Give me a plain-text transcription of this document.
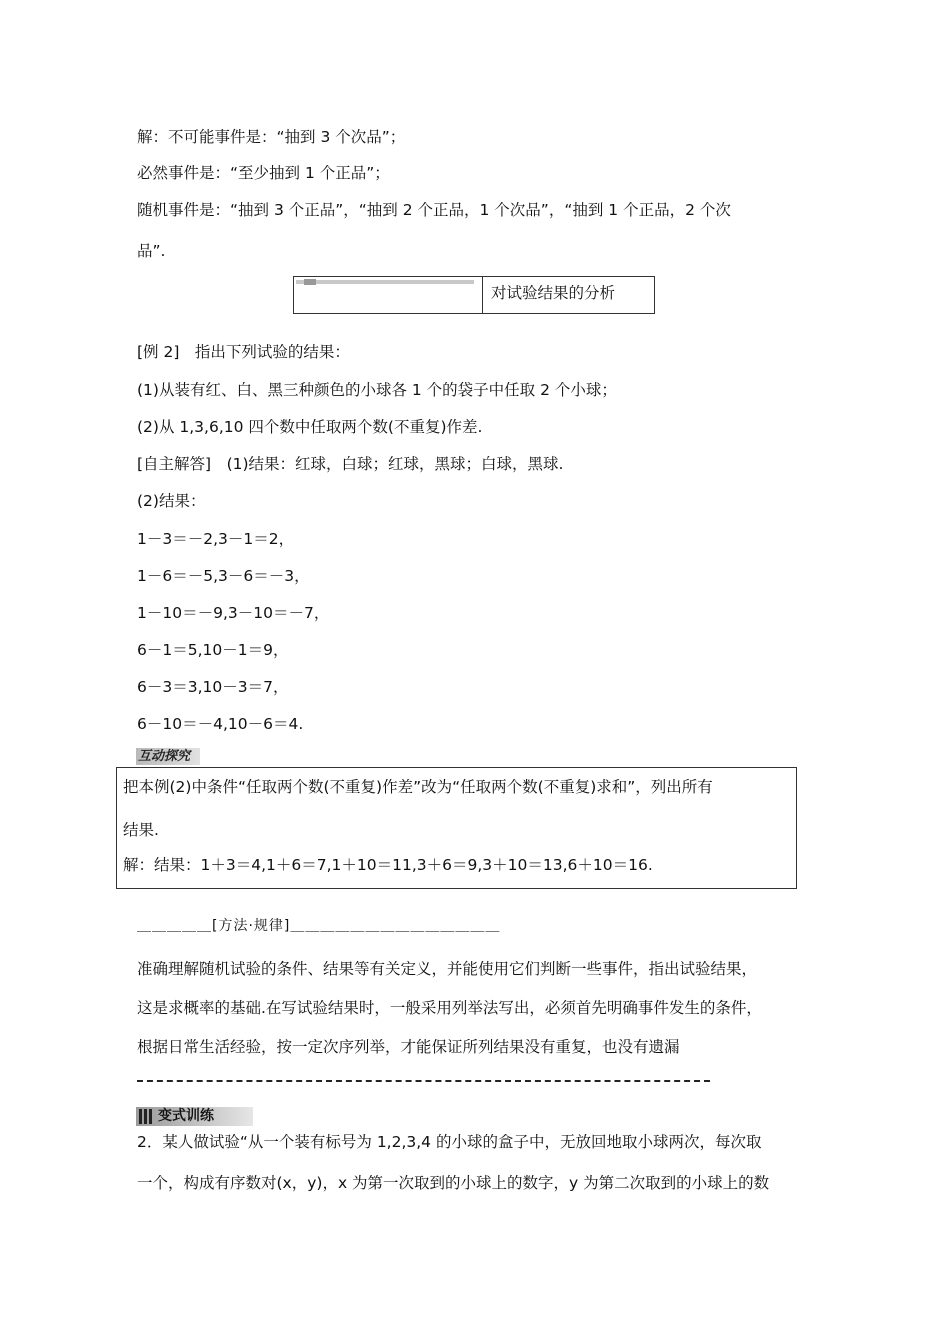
解：不可能事件是：“抽到 3 个次品”；
必然事件是：“至少抽到 1 个正品”；
随机事件是：“抽到 3 个正品”，“抽到 2 个正品，1 个次品”，“抽到 1 个正品，2 个次
品”.
对试验结果的分析
[例 2]　指出下列试验的结果：
(1)从装有红、白、黑三种颜色的小球各 1 个的袋子中任取 2 个小球；
(2)从 1,3,6,10 四个数中任取两个数(不重复)作差.
[自主解答]　(1)结果：红球，白球；红球，黑球；白球，黑球.
(2)结果：
1－3＝－2,3－1＝2，
1－6＝－5,3－6＝－3，
1－10＝－9,3－10＝－7，
6－1＝5,10－1＝9，
6－3＝3,10－3＝7，
6－10＝－4,10－6＝4.
互动探究

把本例(2)中条件“任取两个数(不重复)作差”改为“任取两个数(不重复)求和”，列出所有

结果.

解：结果：1＋3＝4,1＋6＝7,1＋10＝11,3＋6＝9,3＋10＝13,6＋10＝16.

＿＿＿＿＿[方法·规律]＿＿＿＿＿＿＿＿＿＿＿＿＿＿
准确理解随机试验的条件、结果等有关定义，并能使用它们判断一些事件，指出试验结果，
这是求概率的基础.在写试验结果时，一般采用列举法写出，必须首先明确事件发生的条件，
根据日常生活经验，按一定次序列举，才能保证所列结果没有重复，也没有遗漏
变式训练
2．某人做试验“从一个装有标号为 1,2,3,4 的小球的盒子中，无放回地取小球两次，每次取
一个，构成有序数对(x，y)，x 为第一次取到的小球上的数字，y 为第二次取到的小球上的数
